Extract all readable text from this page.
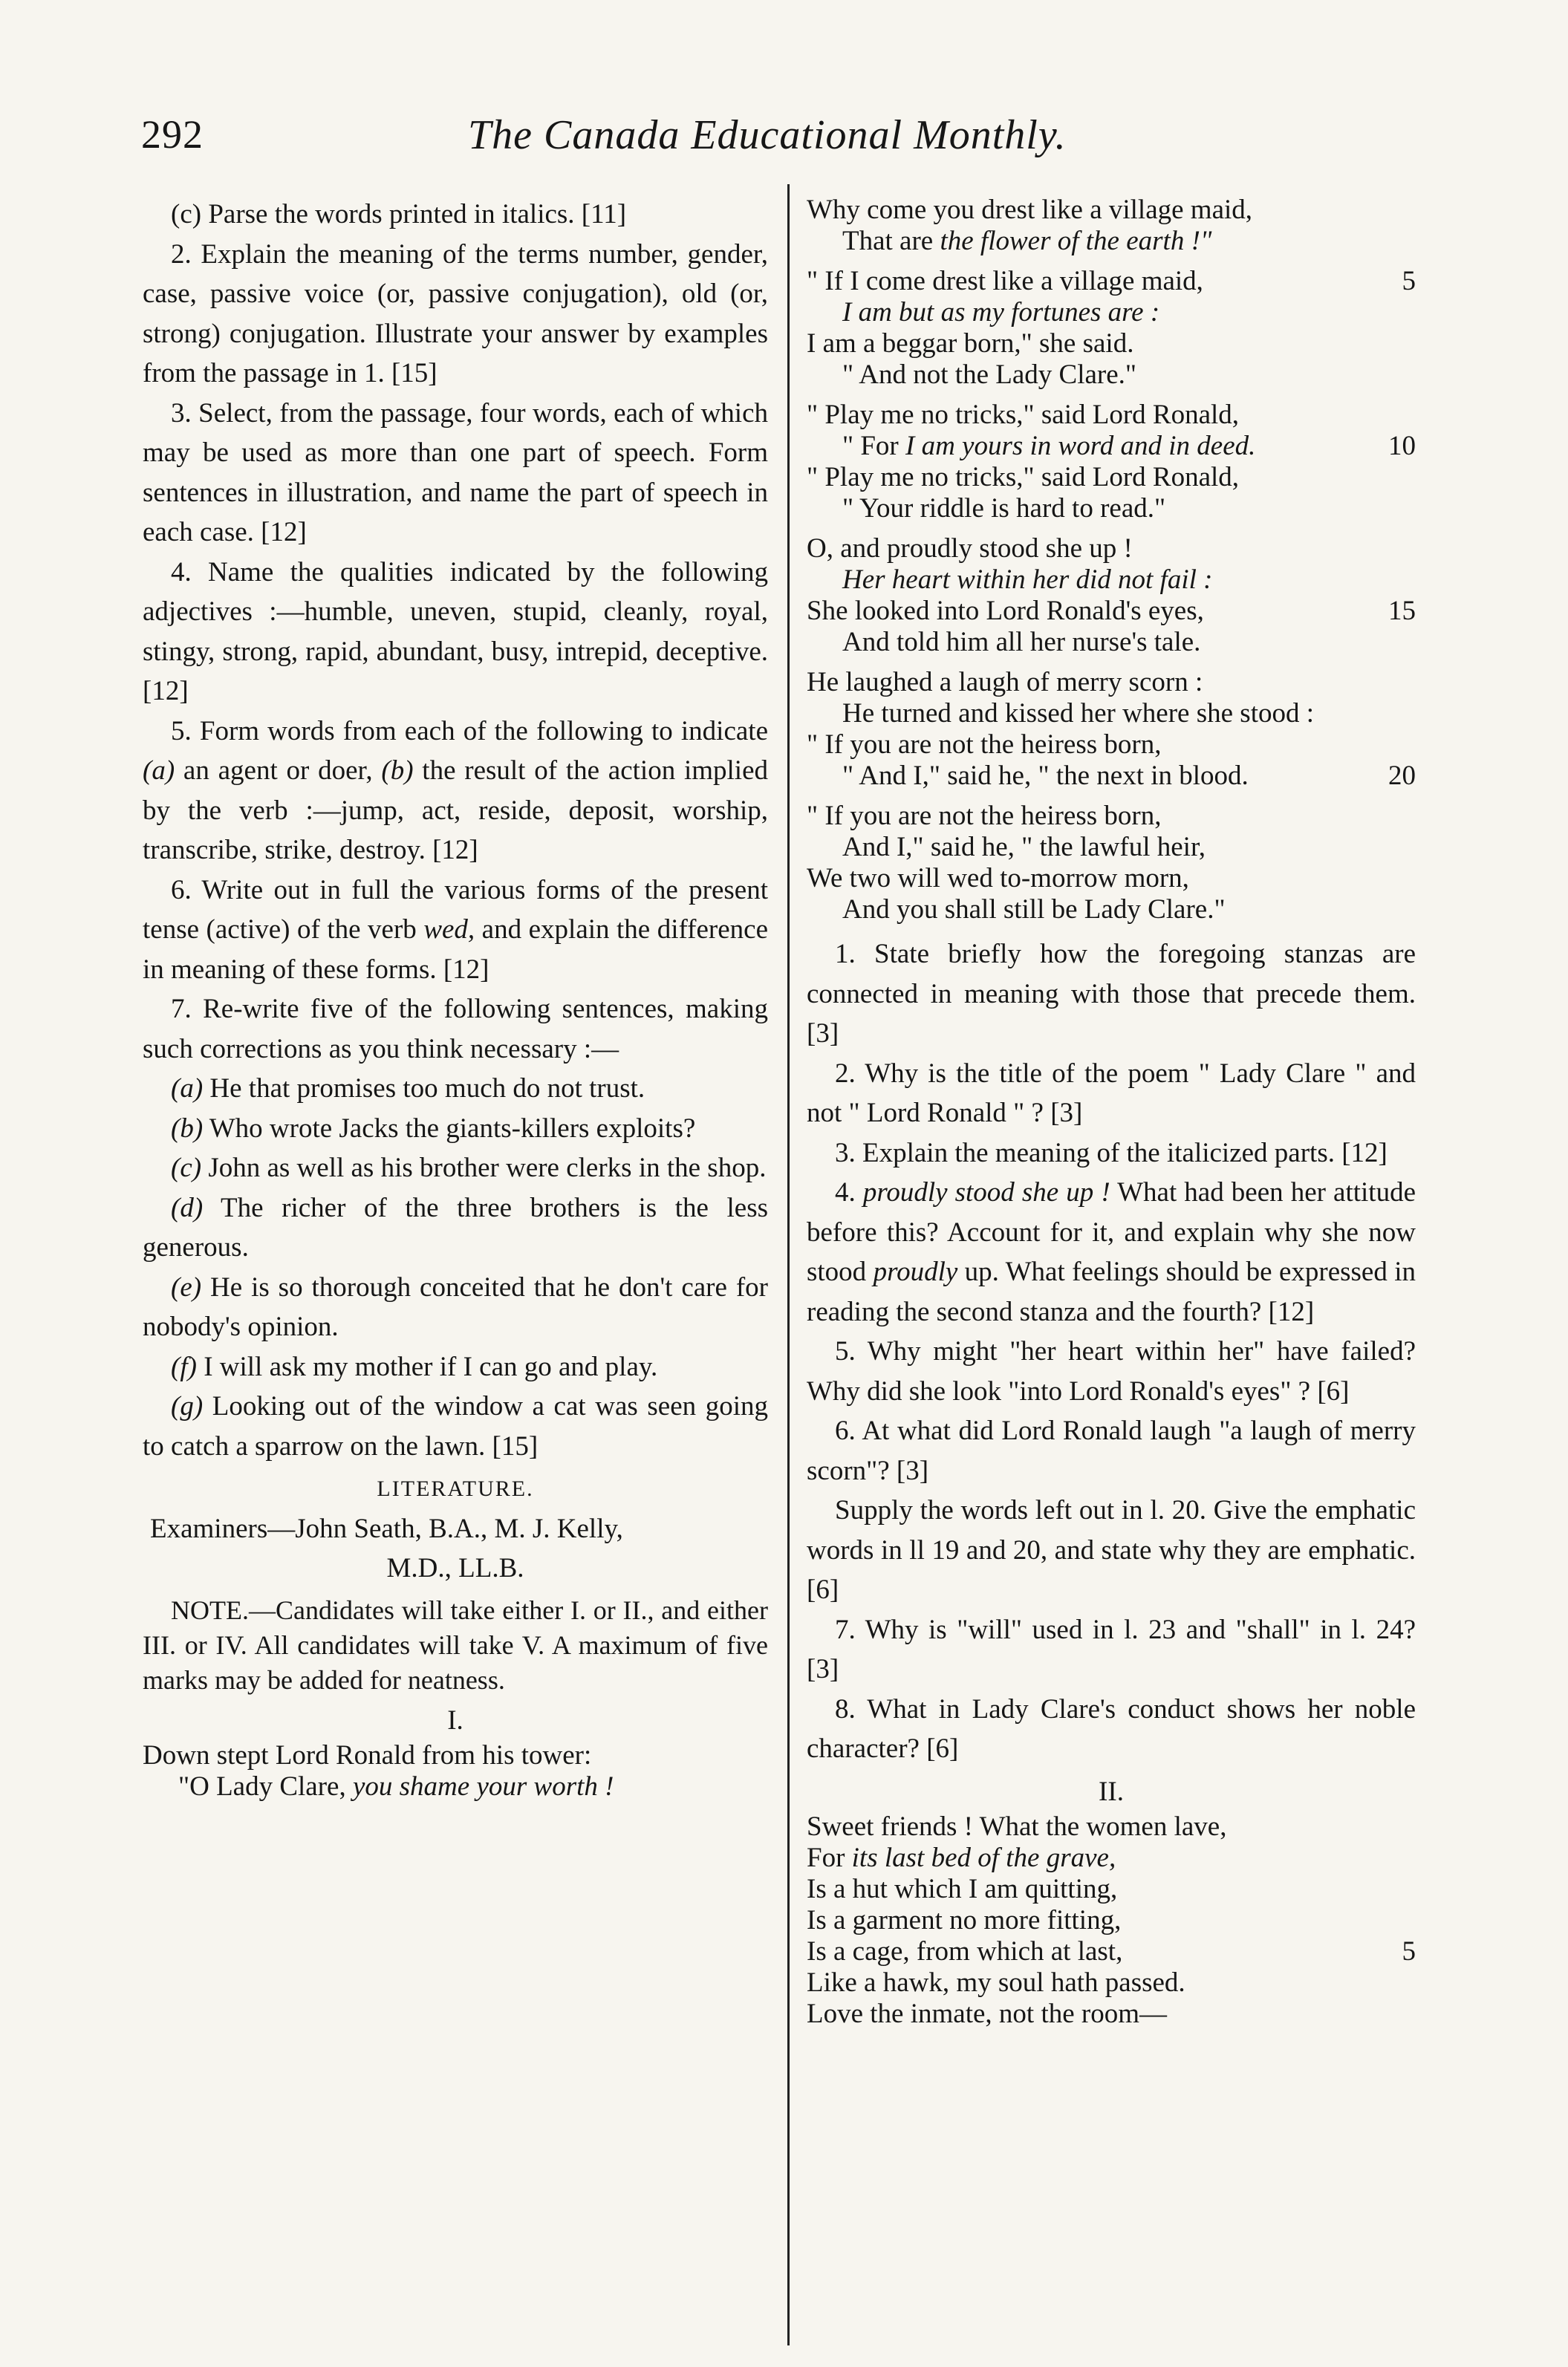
292	The Canada Educational Monthly.

(c) Parse the words printed in italics. [11]

2. Explain the meaning of the terms number, gender, case, passive voice (or, passive conjugation), old (or, strong) conjugation. Illustrate your answer by examples from the passage in 1. [15]

3. Select, from the passage, four words, each of which may be used as more than one part of speech. Form sentences in illustration, and name the part of speech in each case. [12]

4. Name the qualities indicated by the following adjectives :—humble, uneven, stupid, cleanly, royal, stingy, strong, rapid, abundant, busy, intrepid, deceptive. [12]

5. Form words from each of the following to indicate (a) an agent or doer, (b) the result of the action implied by the verb :—jump, act, reside, deposit, worship, transcribe, strike, destroy. [12]

6. Write out in full the various forms of the present tense (active) of the verb wed, and explain the difference in meaning of these forms. [12]

7. Re-write five of the following sentences, making such corrections as you think necessary :—

(a) He that promises too much do not trust.

(b) Who wrote Jacks the giants-killers exploits?

(c) John as well as his brother were clerks in the shop.

(d) The richer of the three brothers is the less generous.

(e) He is so thorough conceited that he don't care for nobody's opinion.

(f) I will ask my mother if I can go and play.

(g) Looking out of the window a cat was seen going to catch a sparrow on the lawn. [15]

LITERATURE.

Examiners—John Seath, B.A., M. J. Kelly,

M.D., LL.B.

NOTE.—Candidates will take either I. or II., and either III. or IV. All candidates will take V. A maximum of five marks may be added for neatness.

I.

Down stept Lord Ronald from his tower:
"O Lady Clare, you shame your worth !
Why come you drest like a village maid,
That are the flower of the earth !"
" If I come drest like a village maid,	5
I am but as my fortunes are :
I am a beggar born," she said.
" And not the Lady Clare."
" Play me no tricks," said Lord Ronald,
" For I am yours in word and in deed.	10
" Play me no tricks," said Lord Ronald,
" Your riddle is hard to read."
O, and proudly stood she up !
Her heart within her did not fail :
She looked into Lord Ronald's eyes,	15
And told him all her nurse's tale.
He laughed a laugh of merry scorn :
He turned and kissed her where she stood :
" If you are not the heiress born,
" And I," said he, " the next in blood.	20
" If you are not the heiress born,
And I," said he, " the lawful heir,
We two will wed to-morrow morn,
And you shall still be Lady Clare."

1. State briefly how the foregoing stanzas are connected in meaning with those that precede them. [3]

2. Why is the title of the poem " Lady Clare " and not " Lord Ronald " ? [3]

3. Explain the meaning of the italicized parts. [12]

4. proudly stood she up ! What had been her attitude before this? Account for it, and explain why she now stood proudly up. What feelings should be expressed in reading the second stanza and the fourth? [12]

5. Why might "her heart within her" have failed? Why did she look "into Lord Ronald's eyes" ? [6]

6. At what did Lord Ronald laugh "a laugh of merry scorn"? [3]

Supply the words left out in l. 20. Give the emphatic words in ll 19 and 20, and state why they are emphatic. [6]

7. Why is "will" used in l. 23 and "shall" in l. 24? [3]

8. What in Lady Clare's conduct shows her noble character? [6]

II.

Sweet friends ! What the women lave,
For its last bed of the grave,
Is a hut which I am quitting,
Is a garment no more fitting,
Is a cage, from which at last,	5
Like a hawk, my soul hath passed.
Love the inmate, not the room—
